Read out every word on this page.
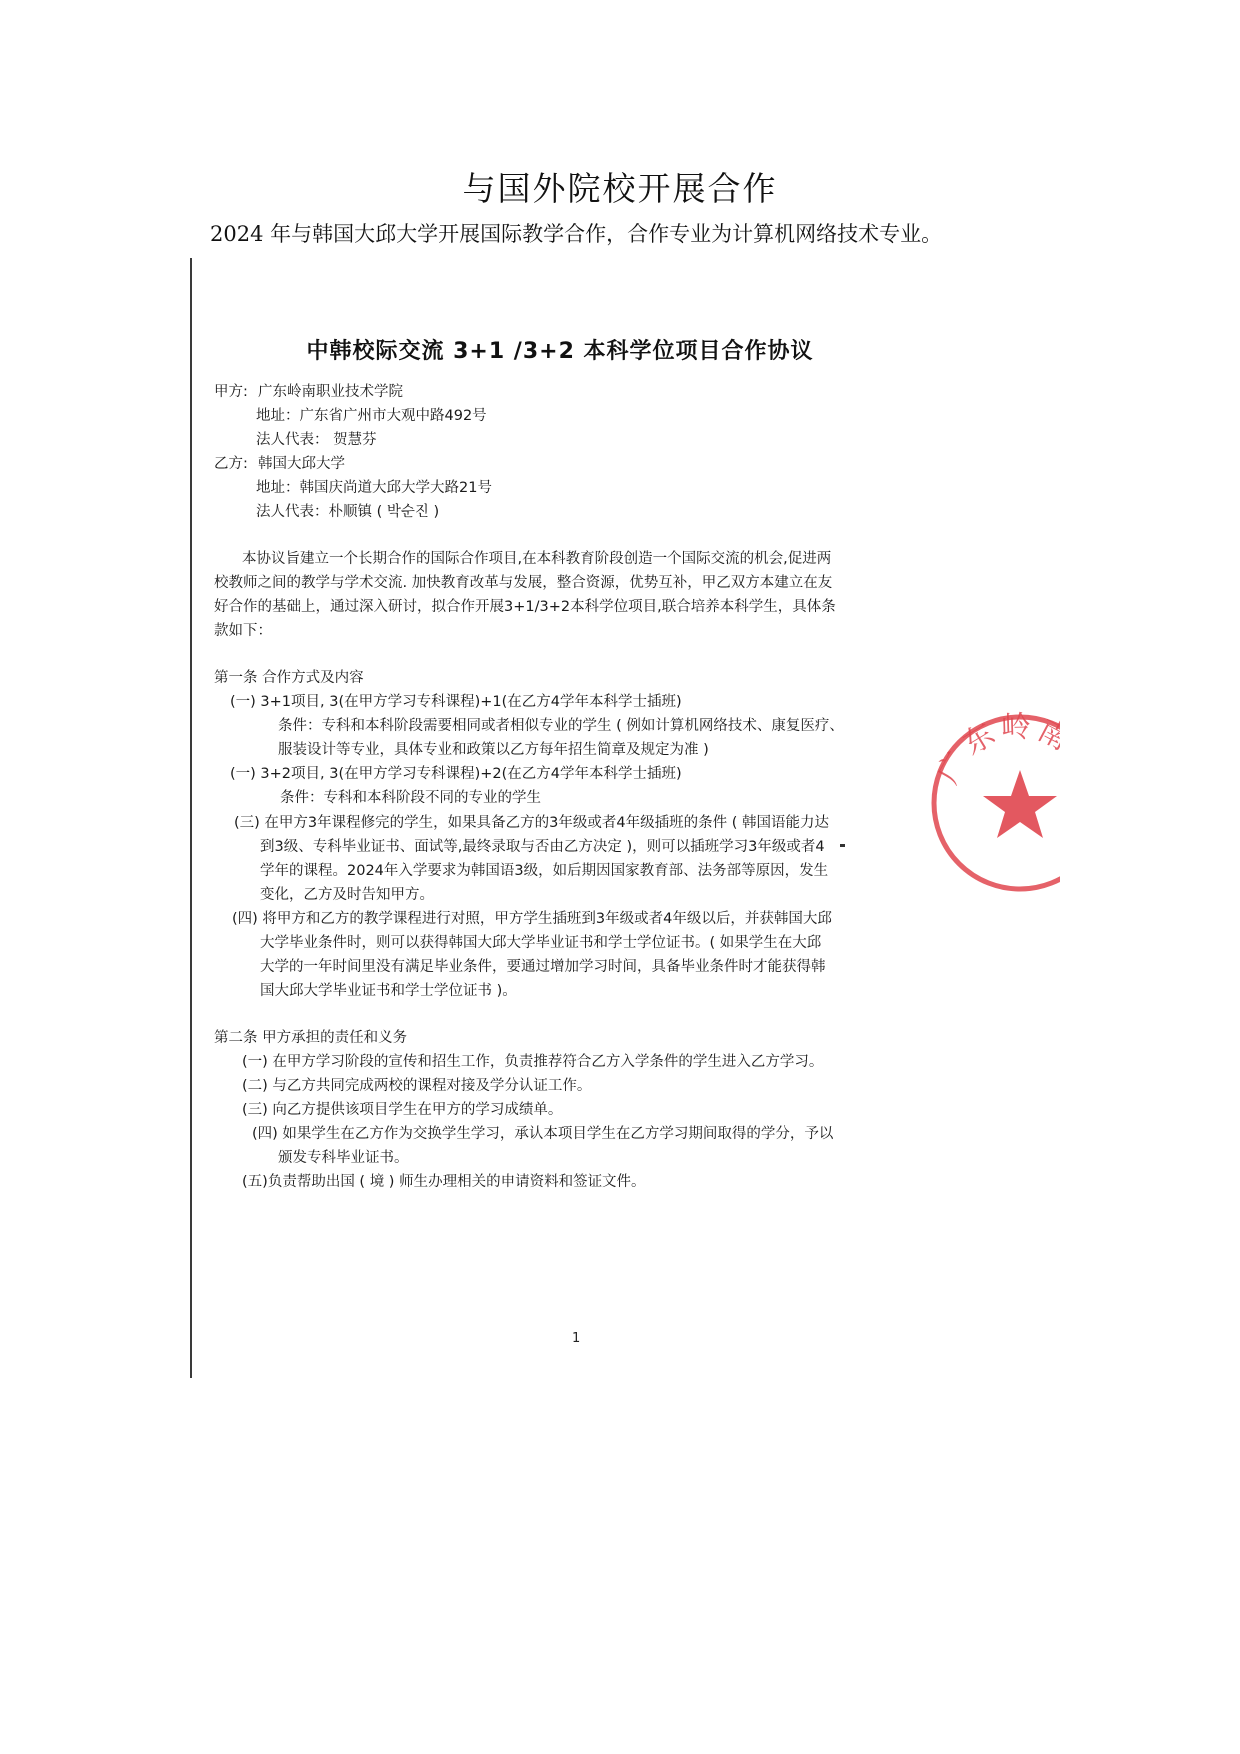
与国外院校开展合作
2024 年与韩国大邱大学开展国际教学合作，合作专业为计算机网络技术专业。
中韩校际交流 3+1 /3+2 本科学位项目合作协议
甲方: 广东岭南职业技术学院
地址：广东省广州市大观中路492号
法人代表： 贺慧芬
乙方: 韩国大邱大学
地址：韩国庆尚道大邱大学大路21号
法人代表：朴顺镇 ( 박순진 )
本协议旨建立一个长期合作的国际合作项目,在本科教育阶段创造一个国际交流的机会,促进两
校教师之间的教学与学术交流. 加快教育改革与发展，整合资源，优势互补，甲乙双方本建立在友
好合作的基础上，通过深入研讨，拟合作开展3+1/3+2本科学位项目,联合培养本科学生，具体条
款如下：
第一条 合作方式及内容
(一) 3+1项目, 3(在甲方学习专科课程)+1(在乙方4学年本科学士插班)
条件：专科和本科阶段需要相同或者相似专业的学生 ( 例如计算机网络技术、康复医疗、
服装设计等专业，具体专业和政策以乙方每年招生简章及规定为准 )
(一) 3+2项目, 3(在甲方学习专科课程)+2(在乙方4学年本科学士插班)
条件：专科和本科阶段不同的专业的学生
(三) 在甲方3年课程修完的学生，如果具备乙方的3年级或者4年级插班的条件 ( 韩国语能力达
到3级、专科毕业证书、面试等,最终录取与否由乙方决定 )，则可以插班学习3年级或者4
学年的课程。2024年入学要求为韩国语3级，如后期因国家教育部、法务部等原因，发生
变化，乙方及时告知甲方。
(四) 将甲方和乙方的教学课程进行对照，甲方学生插班到3年级或者4年级以后，并获韩国大邱
大学毕业条件时，则可以获得韩国大邱大学毕业证书和学士学位证书。( 如果学生在大邱
大学的一年时间里没有满足毕业条件，要通过增加学习时间，具备毕业条件时才能获得韩
国大邱大学毕业证书和学士学位证书 )。
第二条 甲方承担的责任和义务
(一) 在甲方学习阶段的宣传和招生工作，负责推荐符合乙方入学条件的学生进入乙方学习。
(二) 与乙方共同完成两校的课程对接及学分认证工作。
(三) 向乙方提供该项目学生在甲方的学习成绩单。
(四) 如果学生在乙方作为交换学生学习，承认本项目学生在乙方学习期间取得的学分，予以
颁发专科毕业证书。
(五)负责帮助出国 ( 境 ) 师生办理相关的申请资料和签证文件。
1
广东岭南职业技
